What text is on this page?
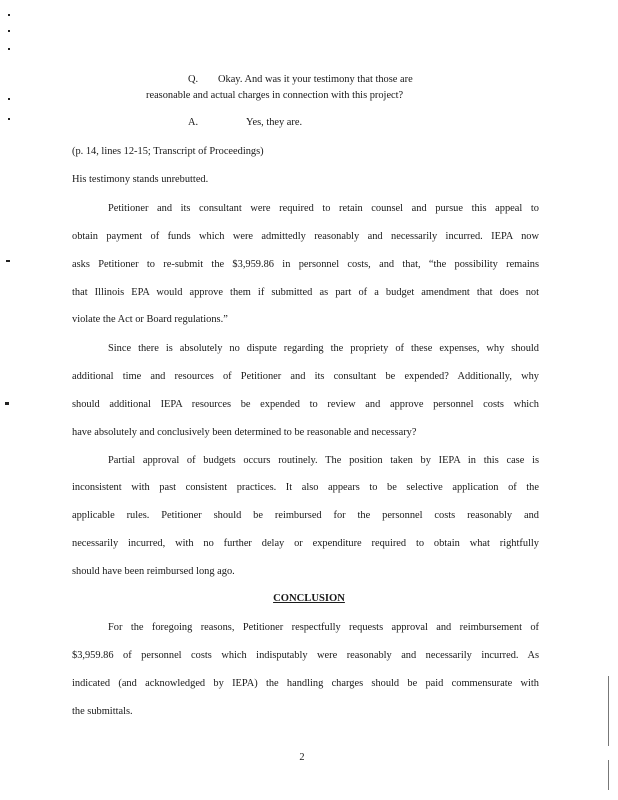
Q. Okay. And was it your testimony that those are
reasonable and actual charges in connection with this project?
A.	Yes, they are.
(p. 14, lines 12-15; Transcript of Proceedings)
His testimony stands unrebutted.
Petitioner and its consultant were required to retain counsel and pursue this appeal to
obtain payment of funds which were admittedly reasonably and necessarily incurred. IEPA now
asks Petitioner to re-submit the $3,959.86 in personnel costs, and that, “the possibility remains
that Illinois EPA would approve them if submitted as part of a budget amendment that does not
violate the Act or Board regulations.”
Since there is absolutely no dispute regarding the propriety of these expenses, why should
additional time and resources of Petitioner and its consultant be expended? Additionally, why
should additional IEPA resources be expended to review and approve personnel costs which
have absolutely and conclusively been determined to be reasonable and necessary?
Partial approval of budgets occurs routinely. The position taken by IEPA in this case is
inconsistent with past consistent practices. It also appears to be selective application of the
applicable rules. Petitioner should be reimbursed for the personnel costs reasonably and
necessarily incurred, with no further delay or expenditure required to obtain what rightfully
should have been reimbursed long ago.
CONCLUSION
For the foregoing reasons, Petitioner respectfully requests approval and reimbursement of
$3,959.86 of personnel costs which indisputably were reasonably and necessarily incurred. As
indicated (and acknowledged by IEPA) the handling charges should be paid commensurate with
the submittals.
2
